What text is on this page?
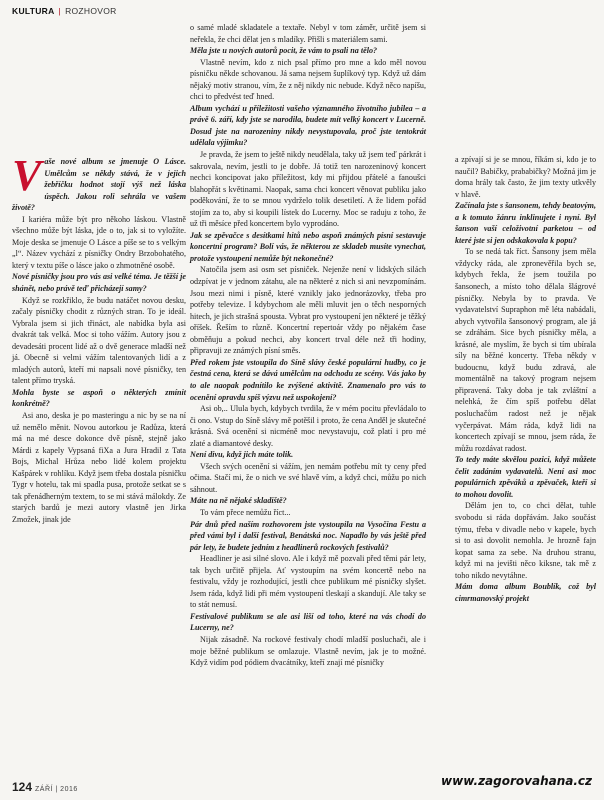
KULTURA | ROZHOVOR

Vaše nové album se jmenuje O Lásce. Umělcům se někdy stává, že v jejich žebříčku hodnot stojí výš než láska úspěch. Jakou roli sehrála ve vašem životě?

I kariéra může být pro někoho láskou. Vlastně všechno může být láska, jde o to, jak si to vyložíte. Moje deska se jmenuje O Lásce a píše se to s velkým „l“. Název vychází z písničky Ondry Brzobohatého, který v textu píše o lásce jako o zhmotněné osobě.

Nové písničky jsou pro vás asi velké téma. Je těžší je shánět, nebo právě teď přicházejí samy?

Když se rozkřiklo, že budu natáčet novou desku, začaly písničky chodit z různých stran. To je ideál. Vybrala jsem si jich třináct, ale nabídka byla asi dvakrát tak velká. Moc si toho vážím. Autory jsou z devadesáti procent lidé až o dvě generace mladší než já. Obecně si velmi vážím talentovaných lidí a z mladých autorů, kteří mi napsali nové písničky, ten talent přímo tryská.

Mohla byste se aspoň o některých zmínit konkrétně?

Asi ano, deska je po masteringu a nic by se na ní už nemělo měnit. Novou autorkou je Radůza, která má na mé desce dokonce dvě písně, stejně jako Márdi z kapely Vypsaná fiXa a Jura Hradil z Tata Bojs, Michal Hrůza nebo lidé kolem projektu Kašpárek v rohlíku. Když jsem třeba dostala písničku Tygr v hotelu, tak mi spadla pusa, protože setkat se s tak přenádherným textem, to se mi stává málokdy. Ze starých bardů je mezi autory vlastně jen Jirka Zmožek, jinak jde

o samé mladé skladatele a textaře. Nebyl v tom záměr, určitě jsem si neřekla, že chci dělat jen s mladíky. Přišli s materiálem sami.

Měla jste u nových autorů pocit, že vám to psali na tělo?

Vlastně nevím, kdo z nich psal přímo pro mne a kdo měl novou písničku někde schovanou. Já sama nejsem šuplíkový typ. Když už dám nějaký motiv stranou, vím, že z něj nikdy nic nebude. Když něco napíšu, chci to předvést teď hned.

Album vychází u příležitosti vašeho významného životního jubilea – a právě 6. září, kdy jste se narodila, budete mít velký koncert v Lucerně. Dosud jste na narozeniny nikdy nevystupovala, proč jste tentokrát udělala výjimku?

Je pravda, že jsem to ještě nikdy neudělala, taky už jsem teď párkrát i sakrovala, nevím, jestli to je dobře. Já totiž ten narozeninový koncert nechci koncipovat jako příležitost, kdy mi přijdou přátelé a fanoušci blahopřát s květinami. Naopak, sama chci koncert věnovat publiku jako poděkování, že to se mnou vydrželo tolik desetiletí. A že lidem pořád stojím za to, aby si koupili lístek do Lucerny. Moc se raduju z toho, že už tři měsíce před koncertem bylo vyprodáno.

Jak se zpěvačce s desítkami hitů nebo aspoň známých písní sestavuje koncertní program? Bolí vás, že některou ze skladeb musíte vynechat, protože vystoupení nemůže být nekonečné?

Natočila jsem asi osm set písniček. Nejenže není v lidských silách odzpívat je v jednom zátahu, ale na některé z nich si ani nevzpomínám. Jsou mezi nimi i písně, které vznikly jako jednorázovky, třeba pro potřeby televize. I kdybychom ale měli mluvit jen o těch nesporných hitech, je jich strašná spousta. Vybrat pro vystoupení jen některé je těžký oříšek. Řeším to různě. Koncertní repertoár vždy po nějakém čase obměňuju a pokud nechci, aby koncert trval déle než tři hodiny, připravuji ze známých písní směs.

Před rokem jste vstoupila do Síně slávy české populární hudby, co je čestná cena, která se dává umělcům na odchodu ze scény. Vás jako by to ale naopak podnítilo ke zvýšené aktivitě. Znamenalo pro vás to ocenění opravdu spíš výzvu než uspokojení?

Asi ob,.. Ulula bych, kdybych tvrdila, že v mém pocitu převládalo to či ono. Vstup do Síně slávy mě potěšil i proto, že cena Anděl je skutečné krásná. Svá ocenění si nicméně moc nevystavuju, což platí i pro mé zlaté a diamantové desky.

Není divu, když jich máte tolik.

Všech svých ocenění si vážím, jen nemám potřebu mít ty ceny před očima. Stačí mi, že o nich ve své hlavě vím, a když chci, můžu po nich sáhnout.

Máte na ně nějaké skladiště?

To vám přece nemůžu říct...

Pár dnů před naším rozhovorem jste vystoupila na Vysočina Festu a před vámi byl i další festival, Benátská noc. Napadlo by vás ještě před pár lety, že budete jedním z headlinerů rockových festivalů?

Headliner je asi silné slovo. Ale i když mě pozvali před těmi pár lety, tak bych určitě přijela. Ať vystoupím na svém koncertě nebo na festivalu, vždy je rozhodující, jestli chce publikum mé písničky slyšet. Jsem ráda, když lidi při mém vystoupení tleskají a skandují. Ale taky se to stát nemusí.

Festivalové publikum se ale asi liší od toho, které na vás chodí do Lucerny, ne?

Nijak zásadně. Na rockové festivaly chodí mladší posluchači, ale i moje běžné publikum se omlazuje. Vlastně nevím, jak je to možné. Když vidím pod pódiem dvacátníky, kteří znají mé písničky

a zpívají si je se mnou, říkám si, kdo je to naučil? Babičky, prababičky? Možná jim je doma hrály tak často, že jim texty utkvěly v hlavě.

Začínala jste s šansonem, tehdy beatovým, a k tomuto žánru inklinujete i nyní. Byl šanson vaší celoživotní parketou – od které jste si jen odskakovala k popu?

To se nedá tak říct. Šansony jsem měla vždycky ráda, ale zpronevěřila bych se, kdybych řekla, že jsem toužila po šansonech, a místo toho dělala šlágrové písničky. Nebyla by to pravda. Ve vydavatelství Supraphon mě léta nabádali, abych vytvořila šansonový program, ale já se zdráhám. Sice bych písničky měla, a krásné, ale myslím, že bych si tím ubírala síly na běžné koncerty. Třeba někdy v budoucnu, když budu zdravá, ale momentálně na takový program nejsem připravená. Taky doba je tak zvláštní a nelehká, že čím spíš potřebu dělat posluchačům radost než je nějak vyčerpávat. Mám ráda, když lidi na koncertech zpívají se mnou, jsem ráda, že můžu rozdávat radost.

To tedy máte skvělou pozici, když můžete čelit zadáním vydavatelů. Není asi moc populárních zpěváků a zpěvaček, kteří si to mohou dovolit.

Dělám jen to, co chci dělat, tuhle svobodu si ráda dopřávám. Jako součást týmu, třeba v divadle nebo v kapele, bych si to asi dovolit nemohla. Je hrozně fajn kopat sama za sebe. Na druhou stranu, když mi na jevišti něco kiksne, tak mě z toho nikdo nevytáhne.

Mám doma album Boublík, což byl cimrmanovský projekt

124 ZÁŘÍ | 2016
www.zagorovahana.cz
